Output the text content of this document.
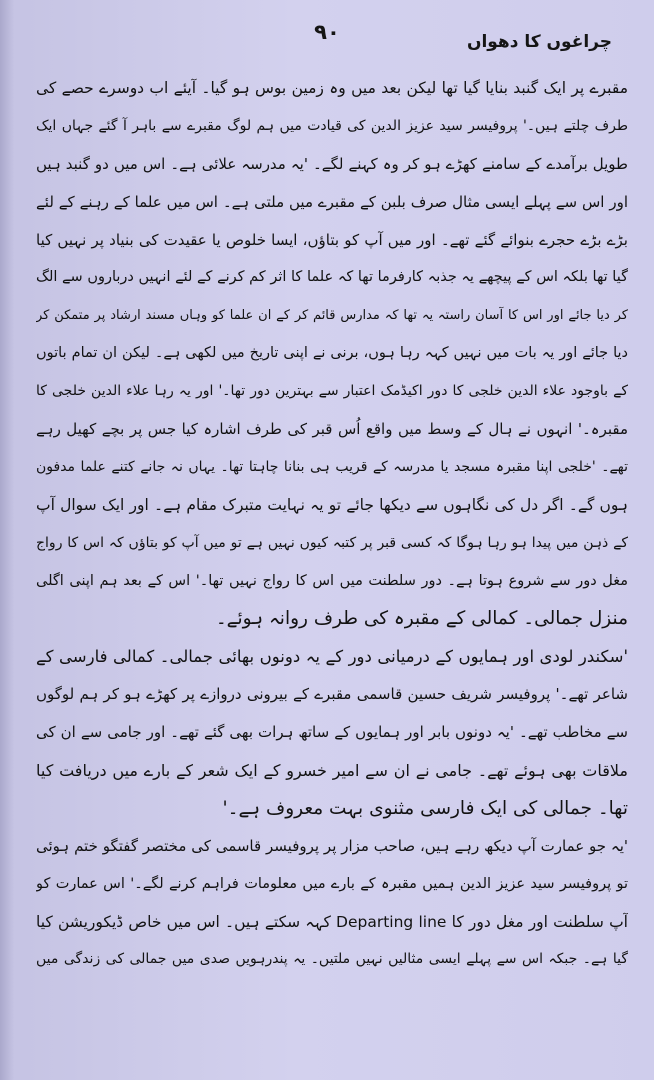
۹۰	چراغوں کا دھواں
مقبرے پر ایک گنبد بنایا گیا تھا لیکن بعد میں وہ زمین بوس ہو گیا۔ آیئے اب دوسرے حصے کی
طرف چلتے ہیں۔' پروفیسر سید عزیز الدین کی قیادت میں ہم لوگ مقبرے سے باہر آ گئے جہاں ایک
طویل برآمدے کے سامنے کھڑے ہو کر وہ کہنے لگے۔ 'یہ مدرسہ علائی ہے۔ اس میں دو گنبد ہیں
اور اس سے پہلے ایسی مثال صرف بلبن کے مقبرے میں ملتی ہے۔ اس میں علما کے رہنے کے لئے
بڑے بڑے حجرے بنوائے گئے تھے۔ اور میں آپ کو بتاؤں، ایسا خلوص یا عقیدت کی بنیاد پر نہیں کیا
گیا تھا بلکہ اس کے پیچھے یہ جذبہ کارفرما تھا کہ علما کا اثر کم کرنے کے لئے انہیں درباروں سے الگ
کر دیا جائے اور اس کا آسان راستہ یہ تھا کہ مدارس قائم کر کے ان علما کو وہاں مسند ارشاد پر متمکن کر
دیا جائے اور یہ بات میں نہیں کہہ رہا ہوں، برنی نے اپنی تاریخ میں لکھی ہے۔ لیکن ان تمام باتوں
کے باوجود علاء الدین خلجی کا دور اکیڈمک اعتبار سے بہترین دور تھا۔' اور یہ رہا علاء الدین خلجی کا
مقبرہ۔' انہوں نے ہال کے وسط میں واقع اُس قبر کی طرف اشارہ کیا جس پر بچے کھیل رہے
تھے۔ 'خلجی اپنا مقبرہ مسجد یا مدرسہ کے قریب ہی بنانا چاہتا تھا۔ یہاں نہ جانے کتنے علما مدفون
ہوں گے۔ اگر دل کی نگاہوں سے دیکھا جائے تو یہ نہایت متبرک مقام ہے۔ اور ایک سوال آپ
کے ذہن میں پیدا ہو رہا ہوگا کہ کسی قبر پر کتبہ کیوں نہیں ہے تو میں آپ کو بتاؤں کہ اس کا رواج
مغل دور سے شروع ہوتا ہے۔ دور سلطنت میں اس کا رواج نہیں تھا۔' اس کے بعد ہم اپنی اگلی
منزل جمالی۔ کمالی کے مقبرہ کی طرف روانہ ہوئے۔
'سکندر لودی اور ہمایوں کے درمیانی دور کے یہ دونوں بھائی جمالی۔ کمالی فارسی کے
شاعر تھے۔' پروفیسر شریف حسین قاسمی مقبرے کے بیرونی دروازے پر کھڑے ہو کر ہم لوگوں
سے مخاطب تھے۔ 'یہ دونوں بابر اور ہمایوں کے ساتھ ہرات بھی گئے تھے۔ اور جامی سے ان کی
ملاقات بھی ہوئے تھے۔ جامی نے ان سے امیر خسرو کے ایک شعر کے بارے میں دریافت کیا
تھا۔ جمالی کی ایک فارسی مثنوی بہت معروف ہے۔'
'یہ جو عمارت آپ دیکھ رہے ہیں، صاحب مزار پر پروفیسر قاسمی کی مختصر گفتگو ختم ہوئی
تو پروفیسر سید عزیز الدین ہمیں مقبرہ کے بارے میں معلومات فراہم کرنے لگے۔' اس عمارت کو
آپ سلطنت اور مغل دور کا Departing line کہہ سکتے ہیں۔ اس میں خاص ڈیکوریشن کیا
گیا ہے۔ جبکہ اس سے پہلے ایسی مثالیں نہیں ملتیں۔ یہ پندرہویں صدی میں جمالی کی زندگی میں
